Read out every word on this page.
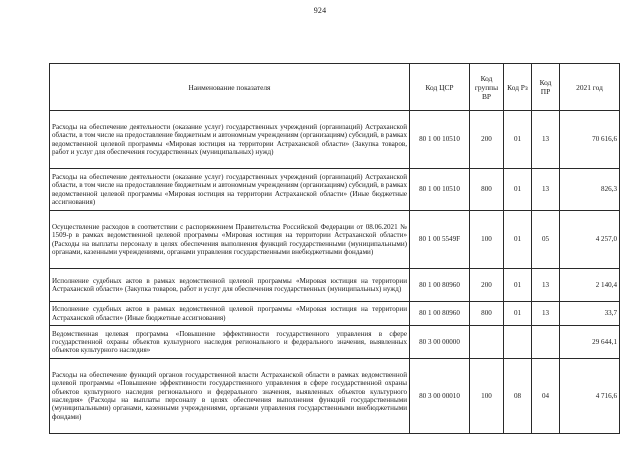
924
Наименование показателя	Код ЦСР	Код группы ВР	Код Рз	Код ПР	2021 год
Расходы на обеспечение деятельности (оказание услуг) государственных учреждений (организаций) Астраханской области, в том числе на предоставление бюджетным и автономным учреждениям (организациям) субсидий, в рамках ведомственной целевой программы «Мировая юстиция на территории Астраханской области» (Закупка товаров, работ и услуг для обеспечения государственных (муниципальных) нужд)	80 1 00 10510	200	01	13	70 616,6
Расходы на обеспечение деятельности (оказание услуг) государственных учреждений (организаций) Астраханской области, в том числе на предоставление бюджетным и автономным учреждениям (организациям) субсидий, в рамках ведомственной целевой программы «Мировая юстиция на территории Астраханской области» (Иные бюджетные ассигнования)	80 1 00 10510	800	01	13	826,3
Осуществление расходов в соответствии с распоряжением Правительства Российской Федерации от 08.06.2021 № 1509-р в рамках ведомственной целевой программы «Мировая юстиция на территории Астраханской области» (Расходы на выплаты персоналу в целях обеспечения выполнения функций государственными (муниципальными) органами, казенными учреждениями, органами управления государственными внебюджетными фондами)	80 1 00 5549F	100	01	05	4 257,0
Исполнение судебных актов в рамках ведомственной целевой программы «Мировая юстиция на территории Астраханской области» (Закупка товаров, работ и услуг для обеспечения государственных (муниципальных) нужд)	80 1 00 80960	200	01	13	2 140,4
Исполнение судебных актов в рамках ведомственной целевой программы «Мировая юстиция на территории Астраханской области» (Иные бюджетные ассигнования)	80 1 00 80960	800	01	13	33,7
Ведомственная целевая программа «Повышение эффективности государственного управления в сфере государственной охраны объектов культурного наследия регионального и федерального значения, выявленных объектов культурного наследия»	80 3 00 00000				29 644,1
Расходы на обеспечение функций органов государственной власти Астраханской области в рамках ведомственной целевой программы «Повышение эффективности государственного управления в сфере государственной охраны объектов культурного наследия регионального и федерального значения, выявленных объектов культурного наследия» (Расходы на выплаты персоналу в целях обеспечения выполнения функций государственными (муниципальными) органами, казенными учреждениями, органами управления государственными внебюджетными фондами)	80 3 00 00010	100	08	04	4 716,6
